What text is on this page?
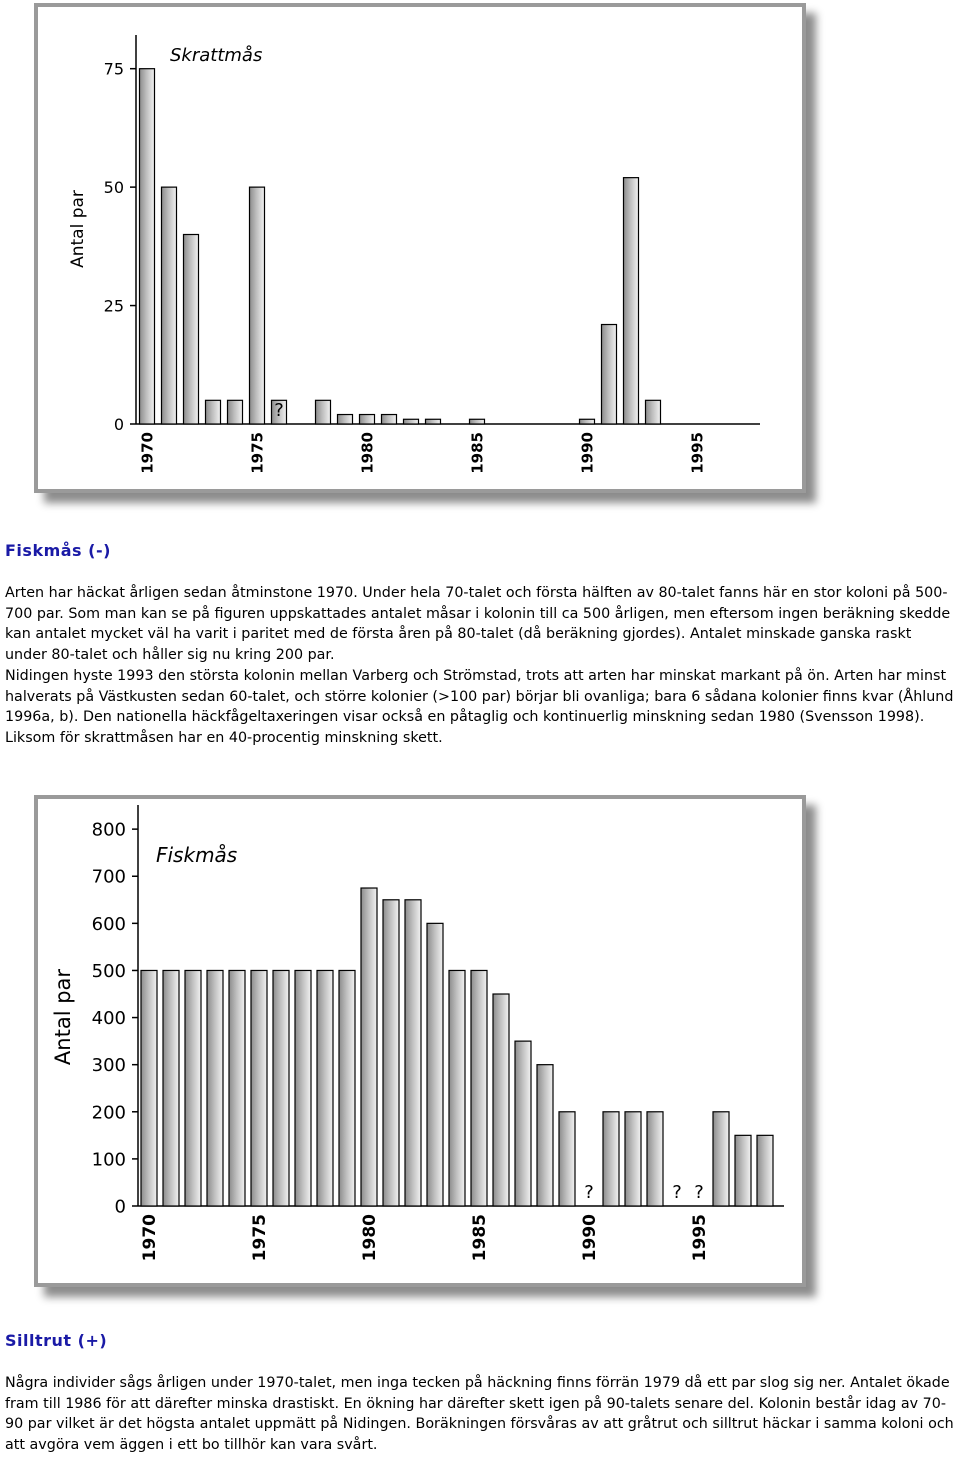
0
25
50
75
Antal par
Skrattmås
?
1970	1975	1980	1985	1990	1995
Fiskmås (-)

Arten har häckat årligen sedan åtminstone 1970. Under hela 70-talet och första hälften av 80-talet fanns här en stor koloni på 500-700 par. Som man kan se på figuren uppskattades antalet måsar i kolonin till ca 500 årligen, men eftersom ingen beräkning skedde kan antalet mycket väl ha varit i paritet med de första åren på 80-talet (då beräkning gjordes). Antalet minskade ganska raskt under 80-talet och håller sig nu kring 200 par.

Nidingen hyste 1993 den största kolonin mellan Varberg och Strömstad, trots att arten har minskat markant på ön. Arten har minst halverats på Västkusten sedan 60-talet, och större kolonier (>100 par) börjar bli ovanliga; bara 6 sådana kolonier finns kvar (Åhlund 1996a, b). Den nationella häckfågeltaxeringen visar också en påtaglig och kontinuerlig minskning sedan 1980 (Svensson 1998). Liksom för skrattmåsen har en 40-procentig minskning skett.

0
100
200
300
400
500
600
700
800
Antal par
Fiskmås
?	? ?
1970	1975	1980	1985	1990	1995
Silltrut (+)

Några individer sågs årligen under 1970-talet, men inga tecken på häckning finns förrän 1979 då ett par slog sig ner. Antalet ökade fram till 1986 för att därefter minska drastiskt. En ökning har därefter skett igen på 90-talets senare del. Kolonin består idag av 70-90 par vilket är det högsta antalet uppmätt på Nidingen. Boräkningen försvåras av att gråtrut och silltrut häckar i samma koloni och att avgöra vem äggen i ett bo tillhör kan vara svårt.
